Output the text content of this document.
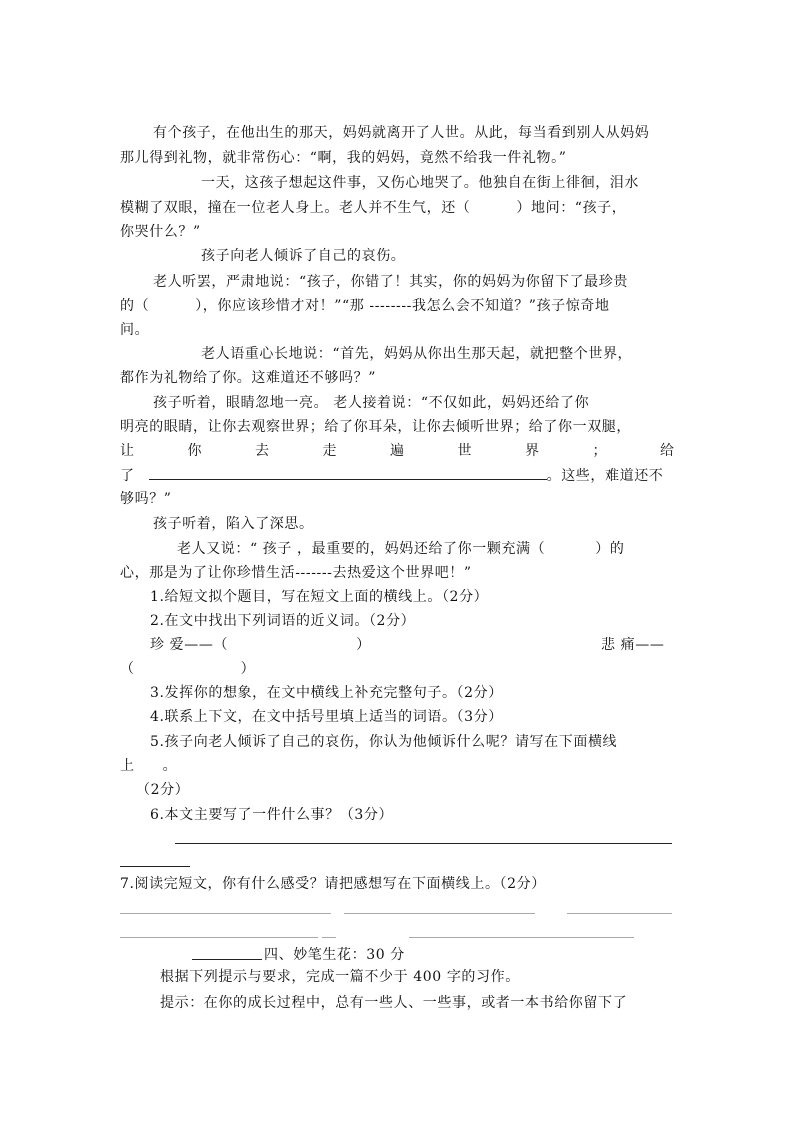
有个孩子，在他出生的那天，妈妈就离开了人世。从此，每当看到别人从妈妈
那儿得到礼物，就非常伤心：“啊，我的妈妈，竟然不给我一件礼物。”
一天，这孩子想起这件事，又伤心地哭了。他独自在街上徘徊，泪水
模糊了双眼，撞在一位老人身上。老人并不生气，还（	）地问：“孩子，
你哭什么？”
孩子向老人倾诉了自己的哀伤。
老人听罢，严肃地说：“孩子，你错了！其实，你的妈妈为你留下了最珍贵
的（	），你应该珍惜才对！”“那 --------我怎么会不知道？”孩子惊奇地
问。
老人语重心长地说：“首先，妈妈从你出生那天起，就把整个世界，
都作为礼物给了你。这难道还不够吗？”
孩子听着，眼睛忽地一亮。 老人接着说：“不仅如此，妈妈还给了你
明亮的眼睛，让你去观察世界；给了你耳朵，让你去倾听世界；给了你一双腿，
让	你	去	走	遍	世	界	；	给
了	。这些，难道还不
够吗？”
孩子听着，陷入了深思。
老人又说：“ 孩子 ，最重要的，妈妈还给了你一颗充满（	）的
心，那是为了让你珍惜生活-------去热爱这个世界吧！”
1.给短文拟个题目，写在短文上面的横线上。（2分）
2.在文中找出下列词语的近义词。（2分）
珍 爱——（	）	悲 痛——
（	）
3.发挥你的想象，在文中横线上补充完整句子。（2分）
4.联系上下文，在文中括号里填上适当的词语。（3分）
5.孩子向老人倾诉了自己的哀伤，你认为他倾诉什么呢？请写在下面横线
上 。
（2分）
6.本文主要写了一件什么事？（3分）
7.阅读完短文，你有什么感受？请把感想写在下面横线上。（2分）
四、妙笔生花：30 分
根据下列提示与要求，完成一篇不少于 400 字的习作。
提示：在你的成长过程中，总有一些人、一些事，或者一本书给你留下了
